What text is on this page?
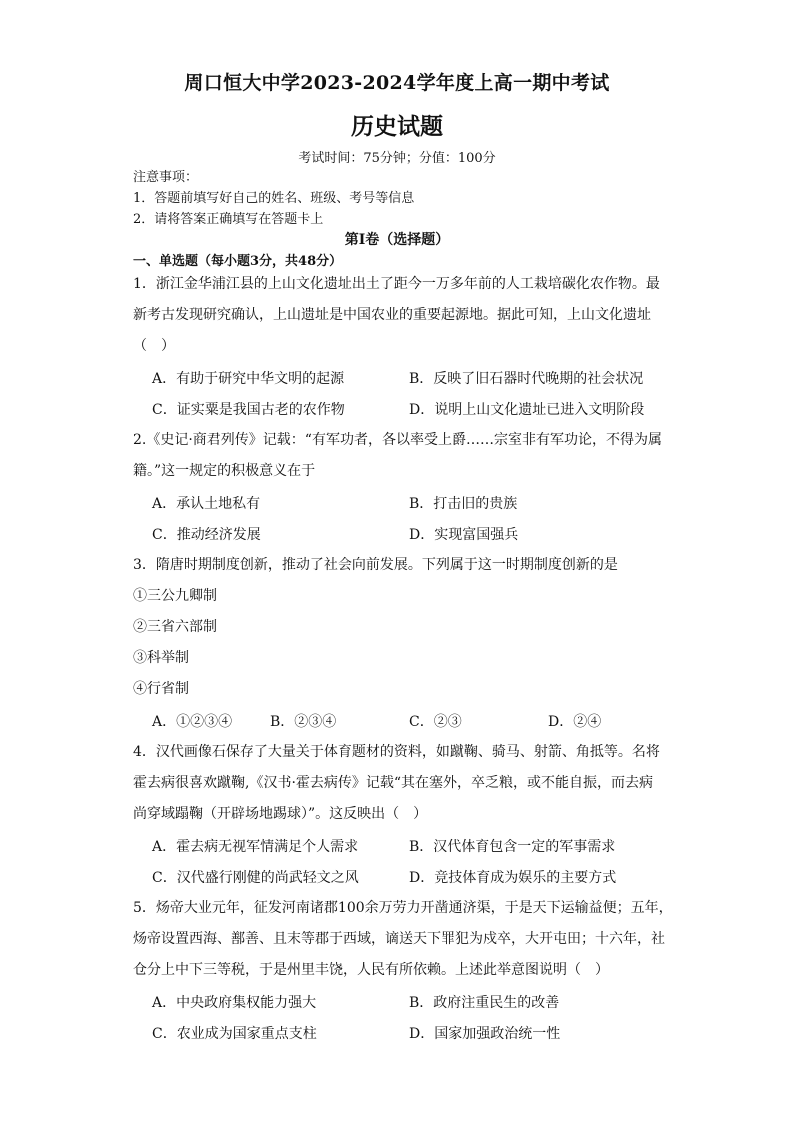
周口恒大中学2023-2024学年度上高一期中考试
历史试题
考试时间：75分钟；分值：100分
注意事项：
1．答题前填写好自己的姓名、班级、考号等信息
2．请将答案正确填写在答题卡上
第I卷（选择题）
一、单选题（每小题3分，共48分）
1．浙江金华浦江县的上山文化遗址出土了距今一万多年前的人工栽培碳化农作物。最
新考古发现研究确认，上山遗址是中国农业的重要起源地。据此可知，上山文化遗址
（　）
A．有助于研究中华文明的起源	B．反映了旧石器时代晚期的社会状况
C．证实粟是我国古老的农作物	D．说明上山文化遗址已进入文明阶段
2.《史记·商君列传》记载：“有军功者，各以率受上爵……宗室非有军功论，不得为属
籍。”这一规定的积极意义在于
A．承认土地私有	B．打击旧的贵族
C．推动经济发展	D．实现富国强兵
3．隋唐时期制度创新，推动了社会向前发展。下列属于这一时期制度创新的是
①三公九卿制
②三省六部制
③科举制
④行省制
A．①②③④	B．②③④	C．②③	D．②④
4．汉代画像石保存了大量关于体育题材的资料，如蹴鞠、骑马、射箭、角抵等。名将
霍去病很喜欢蹴鞠,《汉书·霍去病传》记载“其在塞外，卒乏粮，或不能自振，而去病
尚穿域蹋鞠（开辟场地踢球）”。这反映出（　）
A．霍去病无视军情满足个人需求	B．汉代体育包含一定的军事需求
C．汉代盛行刚健的尚武轻文之风	D．竞技体育成为娱乐的主要方式
5．炀帝大业元年，征发河南诸郡100余万劳力开凿通济渠，于是天下运输益便；五年，
炀帝设置西海、鄯善、且末等郡于西域，谪送天下罪犯为戍卒，大开屯田；十六年，社
仓分上中下三等税，于是州里丰饶，人民有所依赖。上述此举意图说明（　）
A．中央政府集权能力强大	B．政府注重民生的改善
C．农业成为国家重点支柱	D．国家加强政治统一性
